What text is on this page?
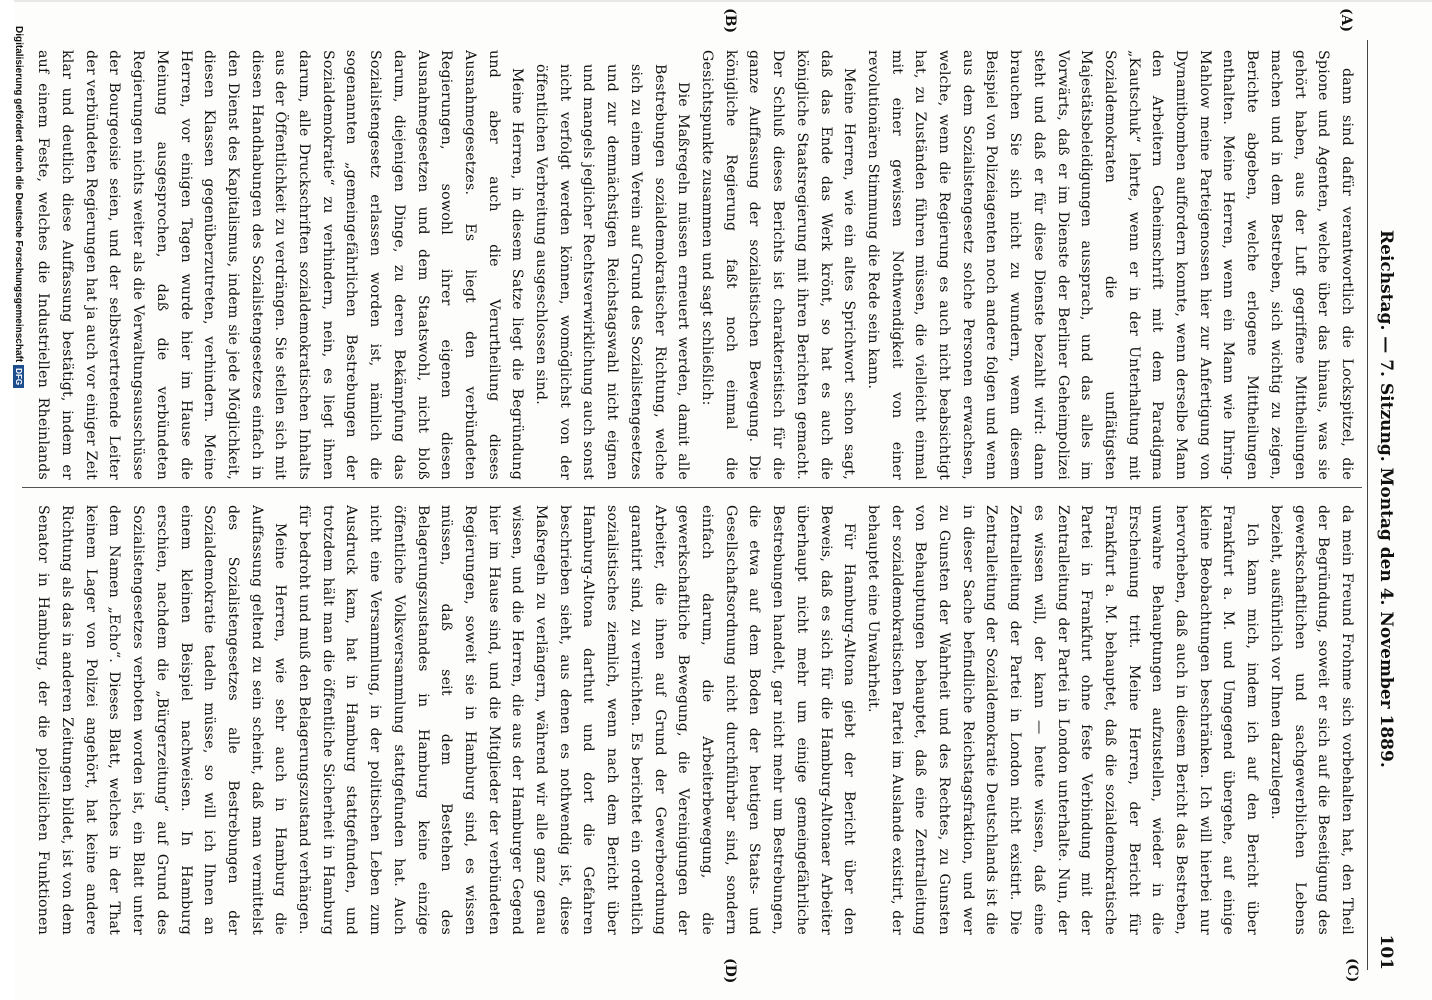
Reichstag. — 7. Sitzung. Montag den 4. November 1889.
101
(A)
(B)
(C)
(D)

dann sind dafür verantwortlich die Lockspitzel, die Spione und Agenten, welche über das hinaus, was sie gehört haben, aus der Luft gegriffene Mittheilungen machen und in dem Bestreben, sich wichtig zu zeigen, Berichte abgeben, welche erlogene Mittheilungen enthalten. Meine Herren, wenn ein Mann wie Ihring-Mahlow meine Parteigenossen hier zur Anfertigung von Dynamitbomben auffordern konnte, wenn derselbe Mann den Arbeitern Geheimschrift mit dem Paradigma „Kautschuk“ lehrte, wenn er in der Unterhaltung mit Sozialdemokraten die unflätigsten Majestätsbeleidigungen aussprach, und das alles im Vorwärts, daß er im Dienste der Berliner Geheimpolizei steht und daß er für diese Dienste bezahlt wird: dann brauchen Sie sich nicht zu wundern, wenn diesem Beispiel von Polizeiagenten noch andere folgen und wenn aus dem Sozialistengesetz solche Personen erwachsen, welche, wenn die Regierung es auch nicht beabsichtigt hat, zu Zuständen führen müssen, die vielleicht einmal mit einer gewissen Nothwendigkeit von einer revolutionären Stimmung die Rede sein kann.

Meine Herren, wie ein altes Sprichwort schon sagt, daß das Ende das Werk krönt, so hat es auch die königliche Staatsregierung mit ihren Berichten gemacht. Der Schluß dieses Berichts ist charakteristisch für die ganze Auffassung der sozialistischen Bewegung. Die königliche Regierung faßt noch einmal die Gesichtspunkte zusammen und sagt schließlich:

Die Maßregeln müssen erneuert werden, damit alle Bestrebungen sozialdemokratischer Richtung, welche sich zu einem Verein auf Grund des Sozialistengesetzes und zur demnächstigen Reichstagswahl nicht eignen und mangels jeglicher Rechtsverwirklichung auch sonst nicht verfolgt werden können, womöglichst von der öffentlichen Verbreitung ausgeschlossen sind.

Meine Herren, in diesem Satze liegt die Begründung und aber auch die Verurtheilung dieses Ausnahmegesetzes. Es liegt den verbündeten Regierungen, sowohl ihrer eigenen diesen Ausnahmegesetzen und dem Staatswohl, nicht bloß darum, diejenigen Dinge, zu deren Bekämpfung das Sozialistengesetz erlassen worden ist, nämlich die sogenannten „gemeingefährlichen Bestrebungen der Sozialdemokratie“ zu verhindern, nein, es liegt ihnen darum, alle Druckschriften sozialdemokratischen Inhalts aus der Öffentlichkeit zu verdrängen. Sie stellen sich mit diesen Handhabungen des Sozialistengesetzes einfach in den Dienst des Kapitalismus, indem sie jede Möglichkeit, diesen Klassen gegenüberzutreten, verhindern. Meine Herren, vor einigen Tagen wurde hier im Hause die Meinung ausgesprochen, daß die verbündeten Regierungen nichts weiter als die Verwaltungsausschüsse der Bourgeoisie seien, und der selbstvertretende Leiter der verbündeten Regierungen hat ja auch vor einiger Zeit klar und deutlich diese Auffassung bestätigt, indem er auf einem Feste, welches die Industriellen Rheinlands

da mein Freund Frohme sich vorbehalten hat, den Theil der Begründung, soweit er sich auf die Beseitigung des gewerkschaftlichen und sachgewerblichen Lebens bezieht, ausführlich vor Ihnen darzulegen.

Ich kann mich, indem ich auf den Bericht über Frankfurt a. M. und Umgegend übergehe, auf einige kleine Beobachtungen beschränken. Ich will hierbei nur hervorheben, daß auch in diesem Bericht das Bestreben, unwahre Behauptungen aufzustellen, wieder in die Erscheinung tritt. Meine Herren, der Bericht für Frankfurt a. M. behauptet, daß die sozialdemokratische Partei in Frankfurt ohne feste Verbindung mit der Zentralleitung der Partei in London unterhalte. Nun, der es wissen will, der kann — heute wissen, daß eine Zentralleitung der Partei in London nicht existirt. Die Zentralleitung der Sozialdemokratie Deutschlands ist die in dieser Sache befindliche Reichstagsfraktion, und wer zu Gunsten der Wahrheit und des Rechtes, zu Gunsten von Behauptungen behauptet, daß eine Zentralleitung der sozialdemokratischen Partei im Auslande existirt, der behauptet eine Unwahrheit.

Für Hamburg-Altona giebt der Bericht über den Beweis, daß es sich für die Hamburg-Altonaer Arbeiter überhaupt nicht mehr um einige gemeingefährliche Bestrebungen handelt, gar nicht mehr um Bestrebungen, die etwa auf dem Boden der heutigen Staats- und Gesellschaftsordnung nicht durchführbar sind, sondern einfach darum, die Arbeiterbewegung, die gewerkschaftliche Bewegung, die Vereinigungen der Arbeiter, die ihnen auf Grund der Gewerbeordnung garantirt sind, zu vernichten. Es berichtet ein ordentlich sozialistisches ziemlich, wenn nach dem Bericht über Hamburg-Altona darthut und dort die Gefahren beschrieben sieht, aus denen es nothwendig ist, diese Maßregeln zu verlängern, während wir alle ganz genau wissen, und die Herren, die aus der Hamburger Gegend hier im Hause sind, und die Mitglieder der verbündeten Regierungen, soweit sie in Hamburg sind, es wissen müssen, daß seit dem Bestehen des Belagerungszustandes in Hamburg keine einzige öffentliche Volksversammlung stattgefunden hat. Auch nicht eine Versammlung, in der politischen Leben zum Ausdruck kam, hat in Hamburg stattgefunden, und trotzdem hält man die öffentliche Sicherheit in Hamburg für bedroht und muß den Belagerungszustand verhängen.

Meine Herren, wie sehr auch in Hamburg die Auffassung geltend zu sein scheint, daß man vermittelst des Sozialistengesetzes alle Bestrebungen der Sozialdemokratie tadeln müsse, so will ich Ihnen an einem kleinen Beispiel nachweisen. In Hamburg erschien, nachdem die „Bürgerzeitung“ auf Grund des Sozialistengesetzes verboten worden ist, ein Blatt unter dem Namen „Echo“. Dieses Blatt, welches in der That keinem Lager von Polizei angehört, hat keine andere Richtung als das in anderen Zeitungen bildet, ist von dem Senator in Hamburg, der die polizeilichen Funktionen

Digitalisierung gefördert durch die Deutsche ForschungsgemeinschaftDFG
